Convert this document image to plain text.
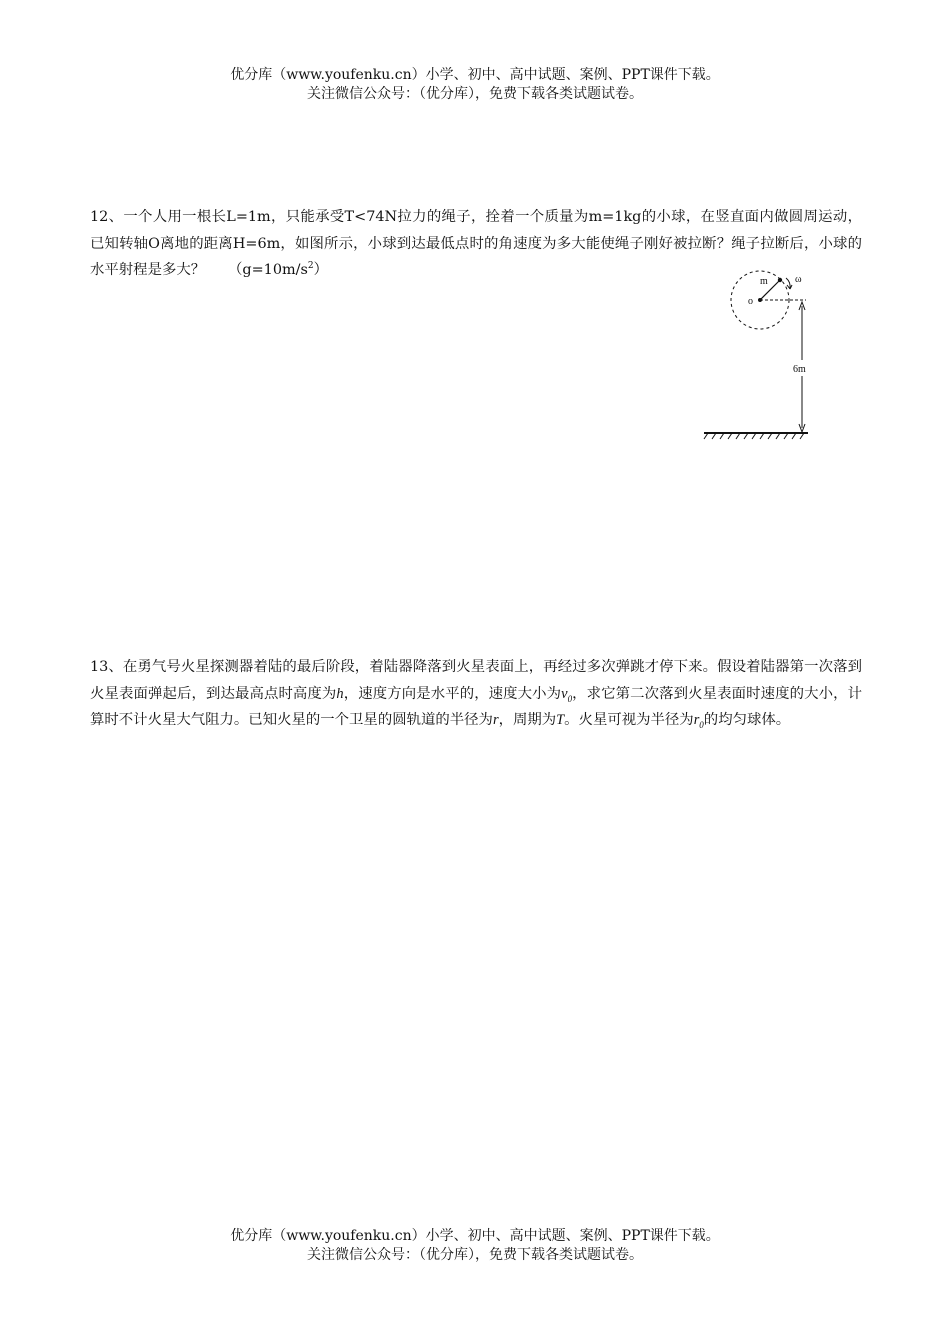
优分库（www.youfenku.cn）小学、初中、高中试题、案例、PPT课件下载。
关注微信公众号：（优分库），免费下载各类试题试卷。

12、一个人用一根长L=1m，只能承受T<74N拉力的绳子，拴着一个质量为m=1kg的小球，在竖直面内做圆周运动，已知转轴O离地的距离H=6m，如图所示，小球到达最低点时的角速度为多大能使绳子刚好被拉断？绳子拉断后，小球的水平射程是多大？ $(g=10m/s^2)$

o
m	ω
6m

13、在勇气号火星探测器着陆的最后阶段，着陆器降落到火星表面上，再经过多次弹跳才停下来。假设着陆器第一次落到火星表面弹起后，到达最高点时高度为h，速度方向是水平的，速度大小为$v_0$，求它第二次落到火星表面时速度的大小，计算时不计火星大气阻力。已知火星的一个卫星的圆轨道的半径为r，周期为T。火星可视为半径为$r_0$的均匀球体。

优分库（www.youfenku.cn）小学、初中、高中试题、案例、PPT课件下载。
关注微信公众号：（优分库），免费下载各类试题试卷。
